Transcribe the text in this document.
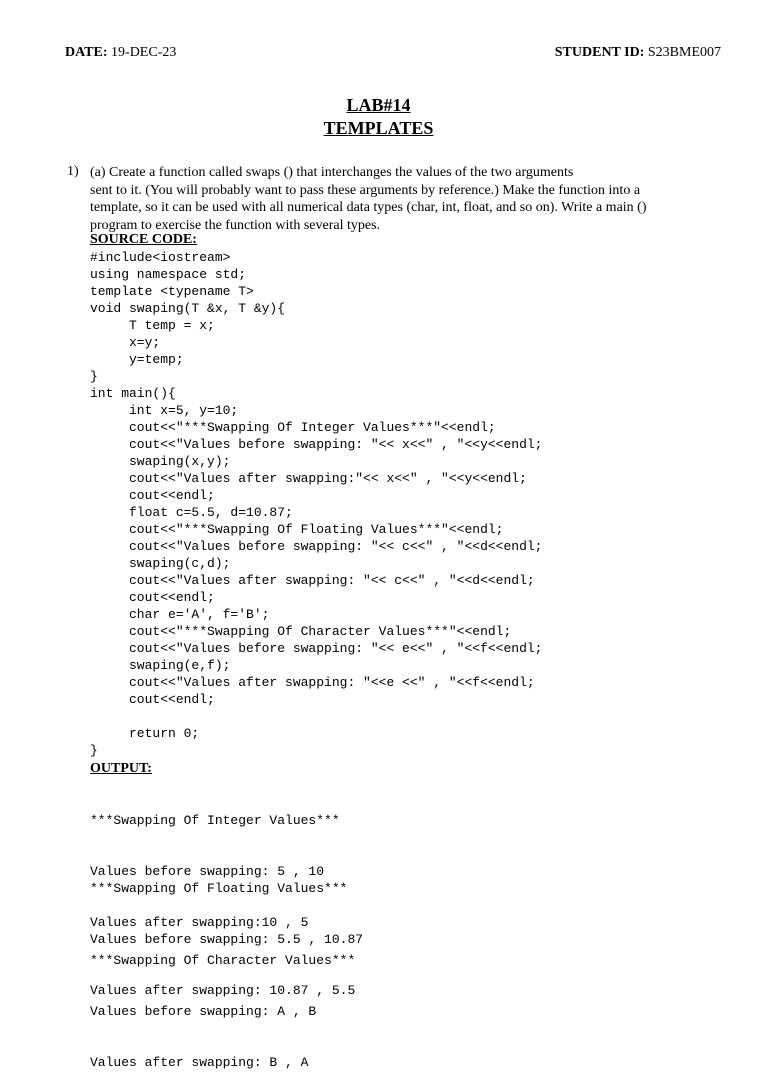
DATE: 19-DEC-23	STUDENT ID: S23BME007
LAB#14
TEMPLATES
1) (a) Create a function called swaps () that interchanges the values of the two arguments
sent to it. (You will probably want to pass these arguments by reference.) Make the function into a
template, so it can be used with all numerical data types (char, int, float, and so on). Write a main ()
program to exercise the function with several types.
SOURCE CODE:
#include<iostream>
using namespace std;
template <typename T>
void swaping(T &x, T &y){
T temp = x;
x=y;
y=temp;
}
int main(){
int x=5, y=10;
cout<<"***Swapping Of Integer Values***"<<endl;
cout<<"Values before swapping: "<< x<<" , "<<y<<endl;
swaping(x,y);
cout<<"Values after swapping:"<< x<<" , "<<y<<endl;
cout<<endl;
float c=5.5, d=10.87;
cout<<"***Swapping Of Floating Values***"<<endl;
cout<<"Values before swapping: "<< c<<" , "<<d<<endl;
swaping(c,d);
cout<<"Values after swapping: "<< c<<" , "<<d<<endl;
cout<<endl;
char e='A', f='B';
cout<<"***Swapping Of Character Values***"<<endl;
cout<<"Values before swapping: "<< e<<" , "<<f<<endl;
swaping(e,f);
cout<<"Values after swapping: "<<e <<" , "<<f<<endl;
cout<<endl;
return 0;
}
OUTPUT:

***Swapping Of Integer Values***

Values before swapping: 5 , 10

Values after swapping:10 , 5

***Swapping Of Floating Values***

Values before swapping: 5.5 , 10.87

Values after swapping: 10.87 , 5.5

***Swapping Of Character Values***

Values before swapping: A , B

Values after swapping: B , A
